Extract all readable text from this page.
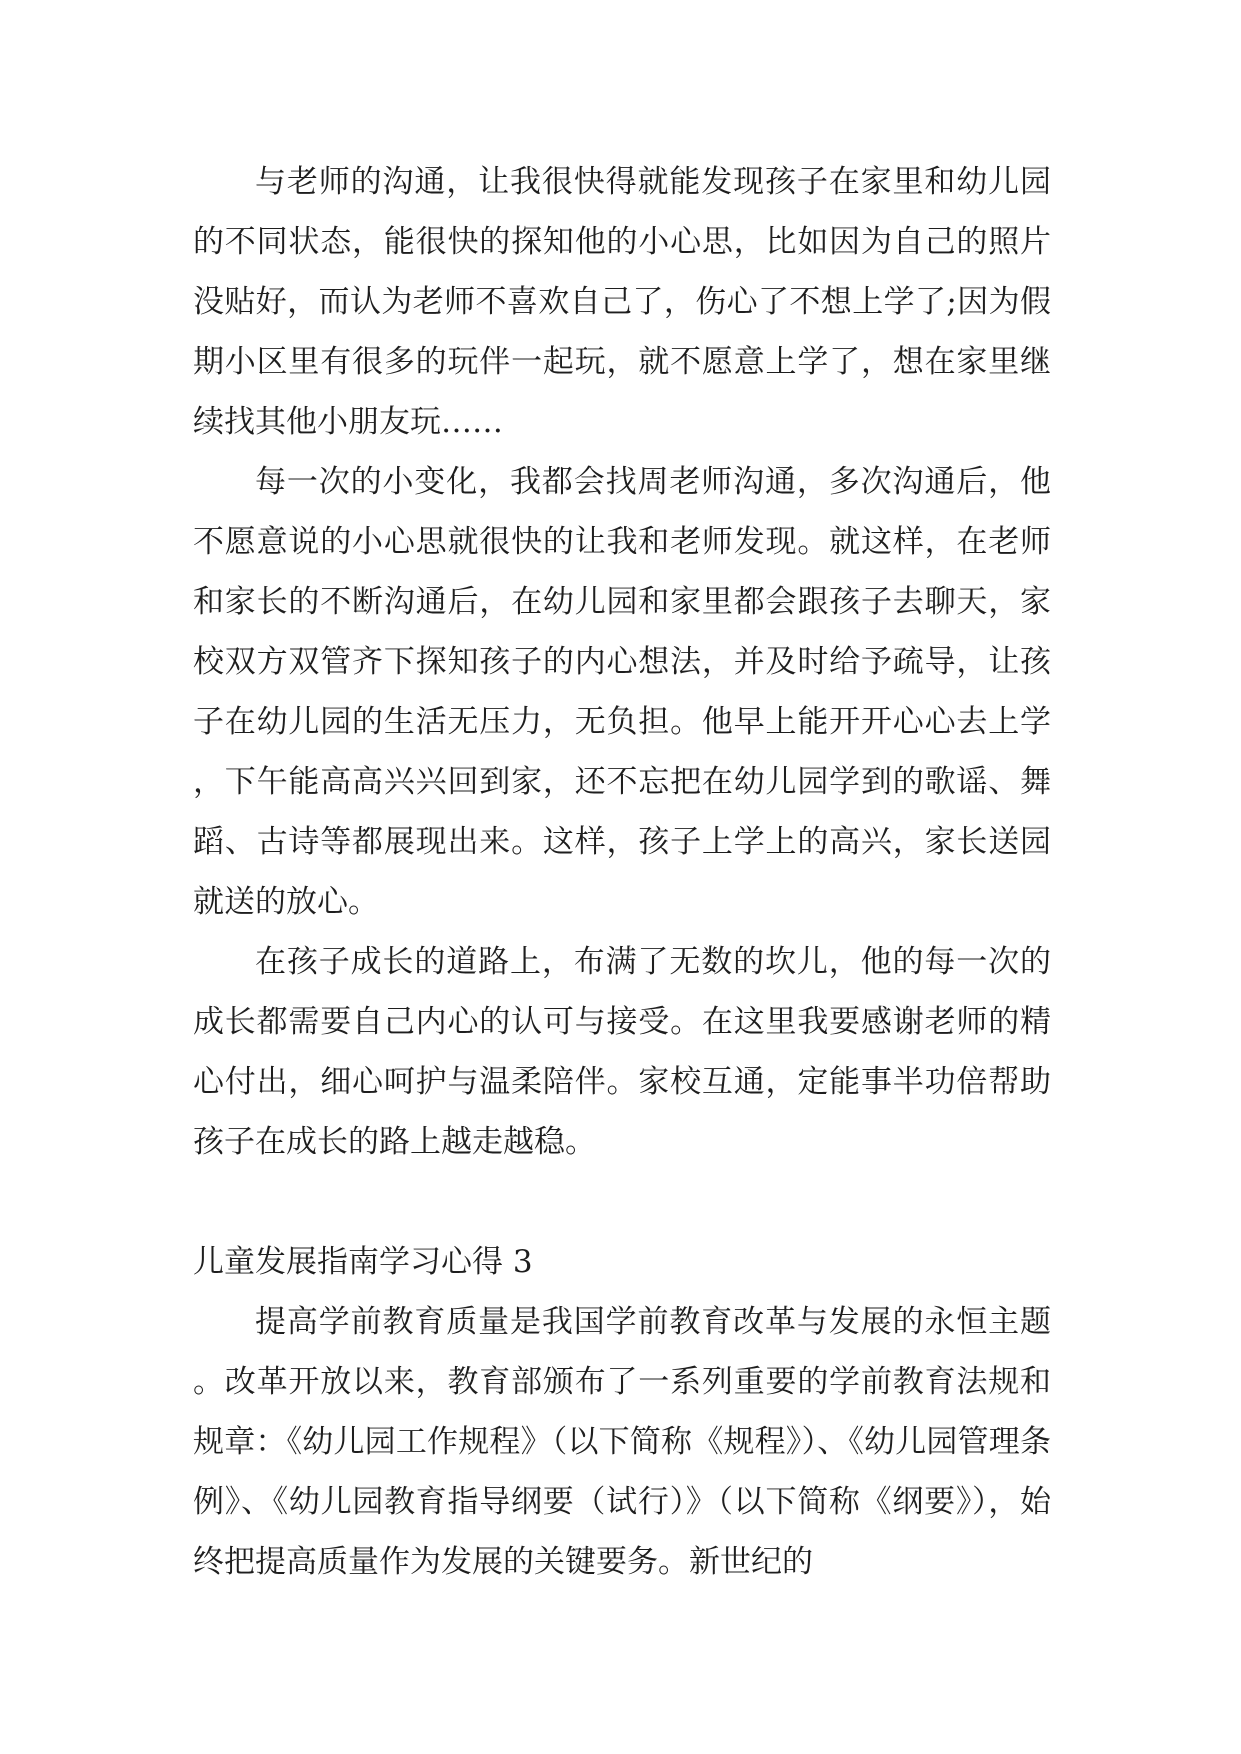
与老师的沟通，让我很快得就能发现孩子在家里和幼儿园的不同状态，能很快的探知他的小心思，比如因为自己的照片没贴好，而认为老师不喜欢自己了，伤心了不想上学了;因为假期小区里有很多的玩伴一起玩，就不愿意上学了，想在家里继续找其他小朋友玩……

每一次的小变化，我都会找周老师沟通，多次沟通后，他不愿意说的小心思就很快的让我和老师发现。就这样，在老师和家长的不断沟通后，在幼儿园和家里都会跟孩子去聊天，家校双方双管齐下探知孩子的内心想法，并及时给予疏导，让孩子在幼儿园的生活无压力，无负担。他早上能开开心心去上学，下午能高高兴兴回到家，还不忘把在幼儿园学到的歌谣、舞蹈、古诗等都展现出来。这样，孩子上学上的高兴，家长送园就送的放心。

在孩子成长的道路上，布满了无数的坎儿，他的每一次的成长都需要自己内心的认可与接受。在这里我要感谢老师的精心付出，细心呵护与温柔陪伴。家校互通，定能事半功倍帮助孩子在成长的路上越走越稳。

儿童发展指南学习心得 3

提高学前教育质量是我国学前教育改革与发展的永恒主题。改革开放以来，教育部颁布了一系列重要的学前教育法规和规章：《幼儿园工作规程》（以下简称《规程》）、《幼儿园管理条例》、《幼儿园教育指导纲要（试行）》（以下简称《纲要》），始终把提高质量作为发展的关键要务。新世纪的
